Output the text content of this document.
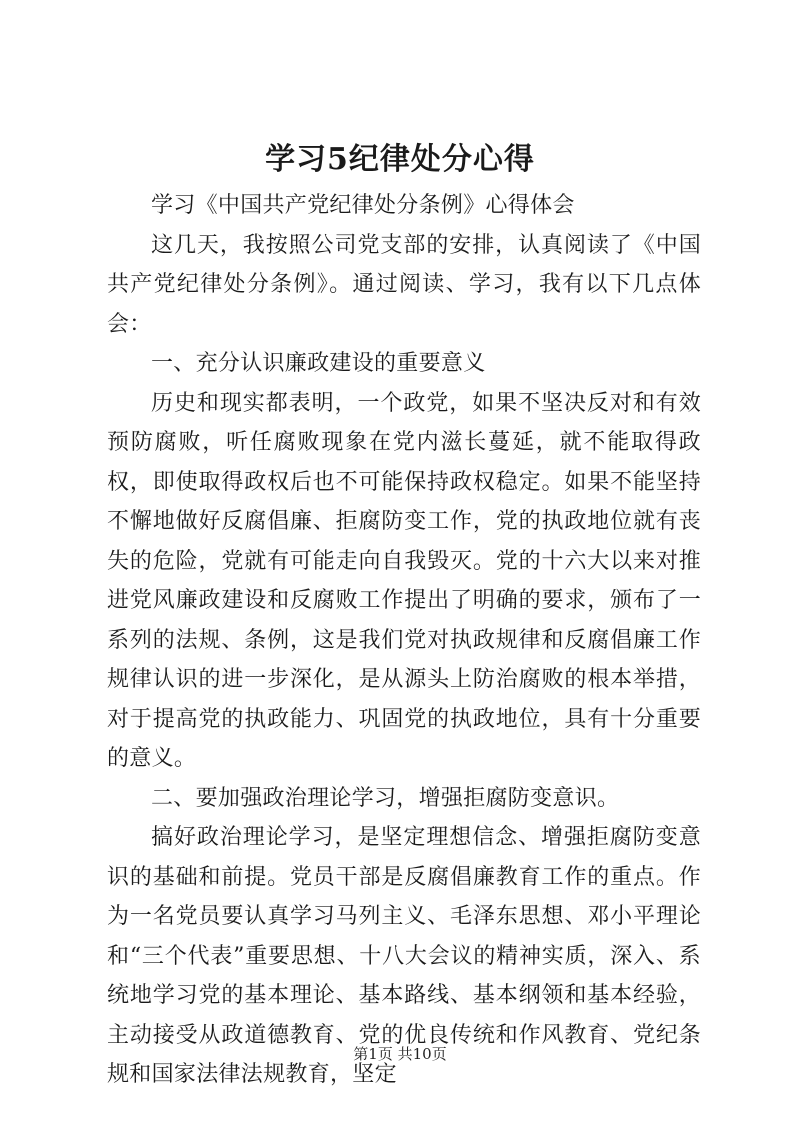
学习5纪律处分心得

学习《中国共产党纪律处分条例》心得体会

这几天，我按照公司党支部的安排，认真阅读了《中国共产党纪律处分条例》。通过阅读、学习，我有以下几点体会：

一、充分认识廉政建设的重要意义

历史和现实都表明，一个政党，如果不坚决反对和有效预防腐败，听任腐败现象在党内滋长蔓延，就不能取得政权，即使取得政权后也不可能保持政权稳定。如果不能坚持不懈地做好反腐倡廉、拒腐防变工作，党的执政地位就有丧失的危险，党就有可能走向自我毁灭。党的十六大以来对推进党风廉政建设和反腐败工作提出了明确的要求，颁布了一系列的法规、条例，这是我们党对执政规律和反腐倡廉工作规律认识的进一步深化，是从源头上防治腐败的根本举措，对于提高党的执政能力、巩固党的执政地位，具有十分重要的意义。

二、要加强政治理论学习，增强拒腐防变意识。

搞好政治理论学习，是坚定理想信念、增强拒腐防变意识的基础和前提。党员干部是反腐倡廉教育工作的重点。作为一名党员要认真学习马列主义、毛泽东思想、邓小平理论和“三个代表”重要思想、十八大会议的精神实质，深入、系统地学习党的基本理论、基本路线、基本纲领和基本经验，主动接受从政道德教育、党的优良传统和作风教育、党纪条规和国家法律法规教育，坚定

第1页 共10页
